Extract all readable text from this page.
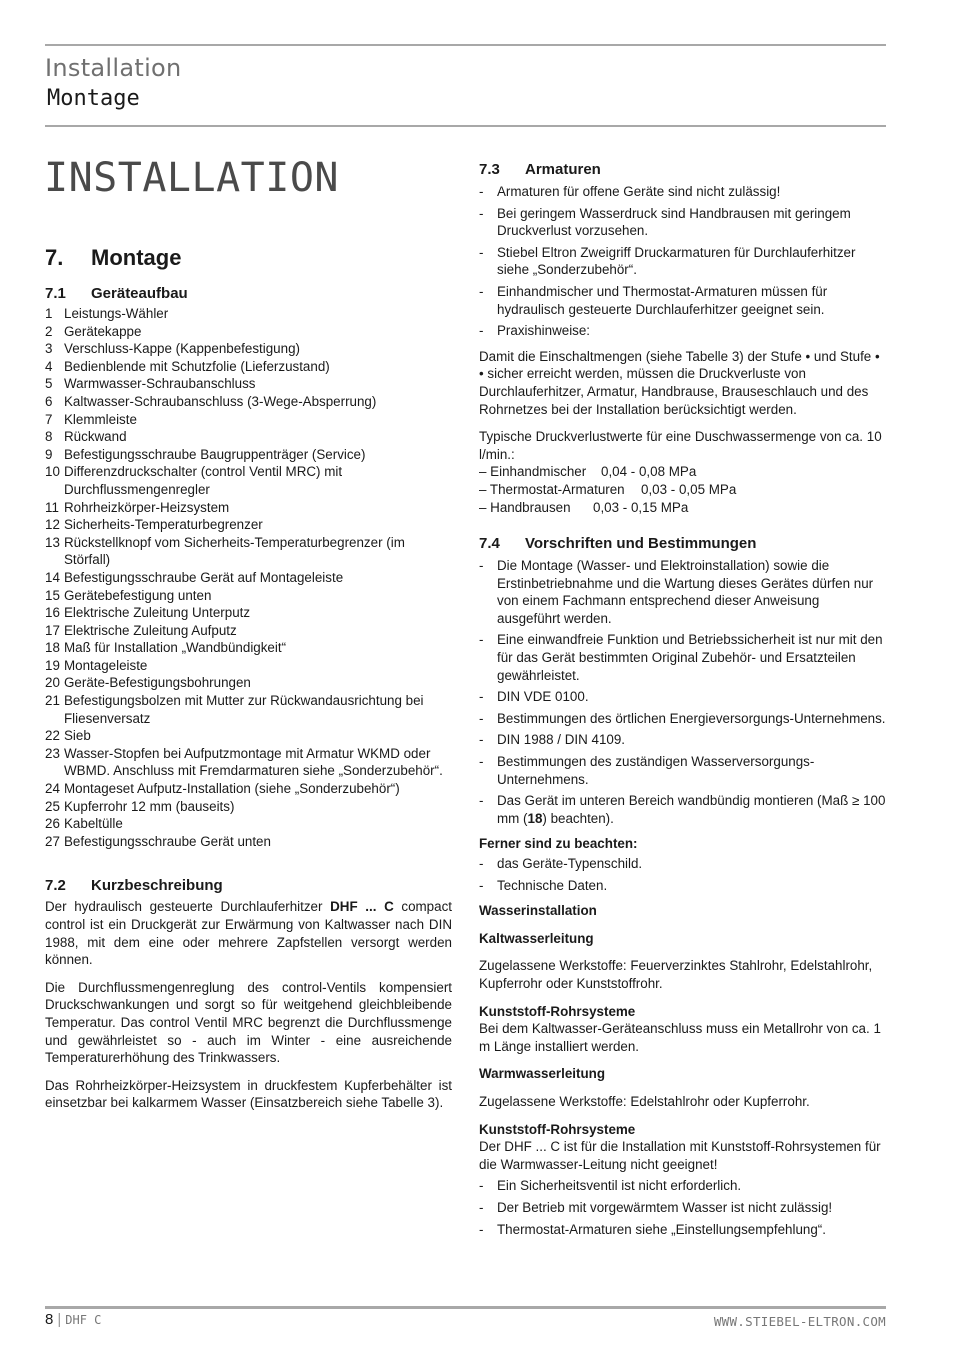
Installation
Montage
INSTALLATION
7.	Montage
7.1	Geräteaufbau
1 Leistungs-Wähler
2 Gerätekappe
3 Verschluss-Kappe (Kappenbefestigung)
4 Bedienblende mit Schutzfolie (Lieferzustand)
5 Warmwasser-Schraubanschluss
6 Kaltwasser-Schraubanschluss (3-Wege-Absperrung)
7 Klemmleiste
8 Rückwand
9 Befestigungsschraube Baugruppenträger (Service)
10 Differenzdruckschalter (control Ventil MRC) mit Durchflussmengenregler
11 Rohrheizkörper-Heizsystem
12 Sicherheits-Temperaturbegrenzer
13 Rückstellknopf vom Sicherheits-Temperaturbegrenzer (im Störfall)
14 Befestigungsschraube Gerät auf Montageleiste
15 Gerätebefestigung unten
16 Elektrische Zuleitung Unterputz
17 Elektrische Zuleitung Aufputz
18 Maß für Installation „Wandbündigkeit“
19 Montageleiste
20 Geräte-Befestigungsbohrungen
21 Befestigungsbolzen mit Mutter zur Rückwandausrichtung bei Fliesenversatz
22 Sieb
23 Wasser-Stopfen bei Aufputzmontage mit Armatur WKMD oder WBMD. Anschluss mit Fremdarmaturen siehe „Sonderzubehör“.
24 Montageset Aufputz-Installation (siehe „Sonderzubehör“)
25 Kupferrohr 12 mm (bauseits)
26 Kabeltülle
27 Befestigungsschraube Gerät unten
7.2	Kurzbeschreibung

Der hydraulisch gesteuerte Durchlauferhitzer DHF ... C compact control ist ein Druckgerät zur Erwärmung von Kaltwasser nach DIN 1988, mit dem eine oder mehrere Zapfstellen versorgt werden können.

Die Durchflussmengenreglung des control-Ventils kompensiert Druckschwankungen und sorgt so für weitgehend gleichbleibende Temperatur. Das control Ventil MRC begrenzt die Durchflussmenge und gewährleistet so - auch im Winter - eine ausreichende Temperaturerhöhung des Trinkwassers.

Das Rohrheizkörper-Heizsystem in druckfestem Kupferbehälter ist einsetzbar bei kalkarmem Wasser (Einsatzbereich siehe Tabelle 3).

7.3	Armaturen
-	Armaturen für offene Geräte sind nicht zulässig!
-	Bei geringem Wasserdruck sind Handbrausen mit geringem Druckverlust vorzusehen.
-	Stiebel Eltron Zweigriff Druckarmaturen für Durchlauferhitzer siehe „Sonderzubehör“.
-	Einhandmischer und Thermostat-Armaturen müssen für hydraulisch gesteuerte Durchlauferhitzer geeignet sein.
-	Praxishinweise:

Damit die Einschaltmengen (siehe Tabelle 3) der Stufe • und Stufe • • sicher erreicht werden, müssen die Druckverluste von Durchlauferhitzer, Armatur, Handbrause, Brauseschlauch und des Rohrnetzes bei der Installation berücksichtigt werden.

Typische Druckverlustwerte für eine Duschwassermenge von ca. 10 l/min.:

– Einhandmischer 0,04 - 0,08 MPa
– Thermostat-Armaturen 0,03 - 0,05 MPa
– Handbrausen 0,03 - 0,15 MPa
7.4	Vorschriften und Bestimmungen
-	Die Montage (Wasser- und Elektroinstallation) sowie die Erstinbetriebnahme und die Wartung dieses Gerätes dürfen nur von einem Fachmann entsprechend dieser Anweisung ausgeführt werden.
-	Eine einwandfreie Funktion und Betriebssicherheit ist nur mit den für das Gerät bestimmten Original Zubehör- und Ersatzteilen gewährleistet.
-	DIN VDE 0100.
-	Bestimmungen des örtlichen Energieversorgungs-Unternehmens.
-	DIN 1988 / DIN 4109.
-	Bestimmungen des zuständigen Wasserversorgungs-Unternehmens.
-	Das Gerät im unteren Bereich wandbündig montieren (Maß ≥ 100 mm (18) beachten).
Ferner sind zu beachten:
-	das Geräte-Typenschild.
-	Technische Daten.
Wasserinstallation
Kaltwasserleitung

Zugelassene Werkstoffe: Feuerverzinktes Stahlrohr, Edelstahlrohr, Kupferrohr oder Kunststoffrohr.

Kunststoff-Rohrsysteme

Bei dem Kaltwasser-Geräteanschluss muss ein Metallrohr von ca. 1 m Länge installiert werden.

Warmwasserleitung

Zugelassene Werkstoffe: Edelstahlrohr oder Kupferrohr.

Kunststoff-Rohrsysteme

Der DHF ... C ist für die Installation mit Kunststoff-Rohrsystemen für die Warmwasser-Leitung nicht geeignet!

-	Ein Sicherheitsventil ist nicht erforderlich.
-	Der Betrieb mit vorgewärmtem Wasser ist nicht zulässig!
-	Thermostat-Armaturen siehe „Einstellungsempfehlung“.
8 | DHF C	WWW.STIEBEL-ELTRON.COM
